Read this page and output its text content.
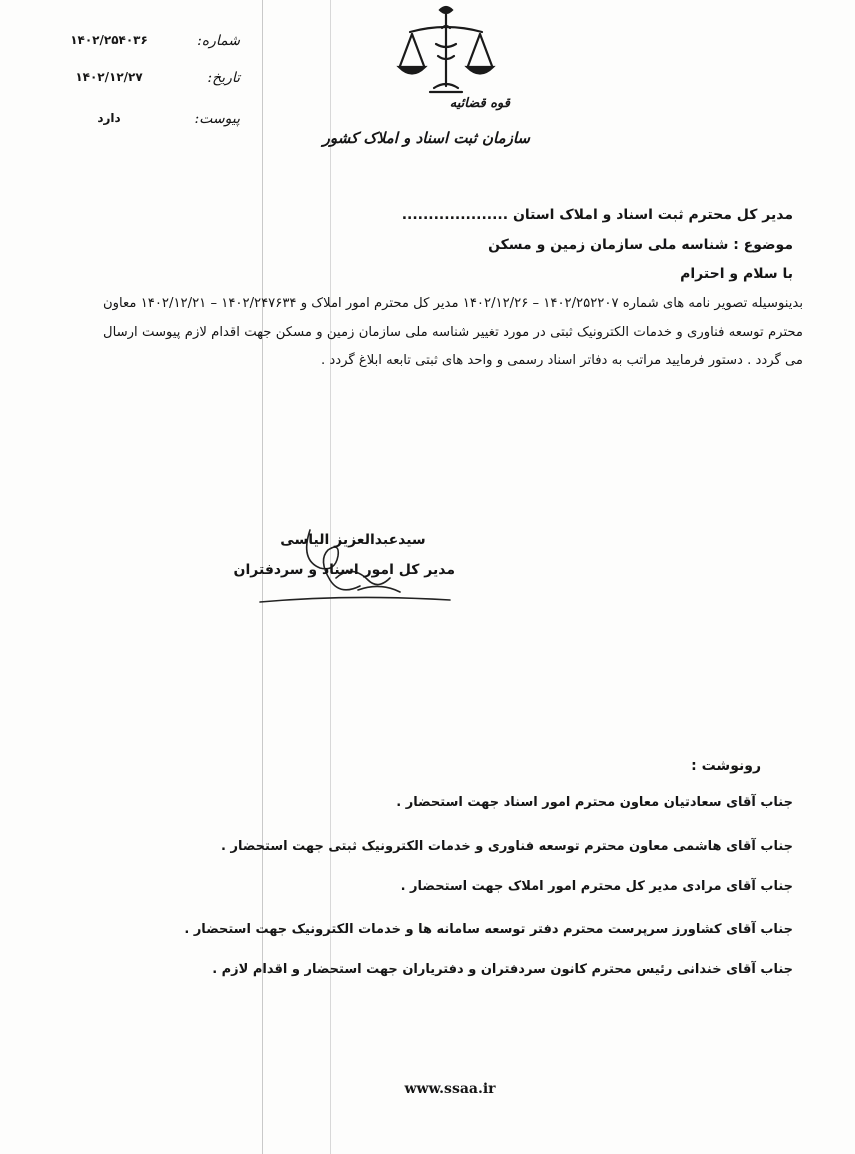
شماره:
۱۴۰۲/۲۵۴۰۳۶
تاریخ:
۱۴۰۲/۱۲/۲۷
پیوست:
دارد
قوه قضائیه
سازمان ثبت اسناد و املاک کشور
مدیر کل محترم ثبت اسناد و املاک استان ....................
موضوع : شناسه ملی سازمان زمین و مسکن
با سلام و احترام
بدینوسیله تصویر نامه های شماره ۱۴۰۲/۲۵۲۲۰۷ – ۱۴۰۲/۱۲/۲۶ مدیر کل محترم امور املاک و ۱۴۰۲/۲۴۷۶۳۴ – ۱۴۰۲/۱۲/۲۱ معاون محترم توسعه فناوری و خدمات الکترونیک ثبتی در مورد تغییر شناسه ملی سازمان زمین و مسکن جهت اقدام لازم پیوست ارسال می گردد . دستور فرمایید مراتب به دفاتر اسناد رسمی و واحد های ثبتی تابعه ابلاغ گردد .
سیدعبدالعزیز الیاسی
مدیر کل امور اسناد و سردفتران
رونوشت :
جناب آقای سعادتیان معاون محترم امور اسناد جهت استحضار .
جناب آقای هاشمی معاون محترم توسعه فناوری و خدمات الکترونیک ثبتی جهت استحضار .
جناب آقای مرادی مدیر کل محترم امور املاک جهت استحضار .
جناب آقای کشاورز سرپرست محترم دفتر توسعه سامانه ها و خدمات الکترونیک جهت استحضار .
جناب آقای خندانی رئیس محترم کانون سردفتران و دفتریاران جهت استحضار و اقدام لازم .
www.ssaa.ir
